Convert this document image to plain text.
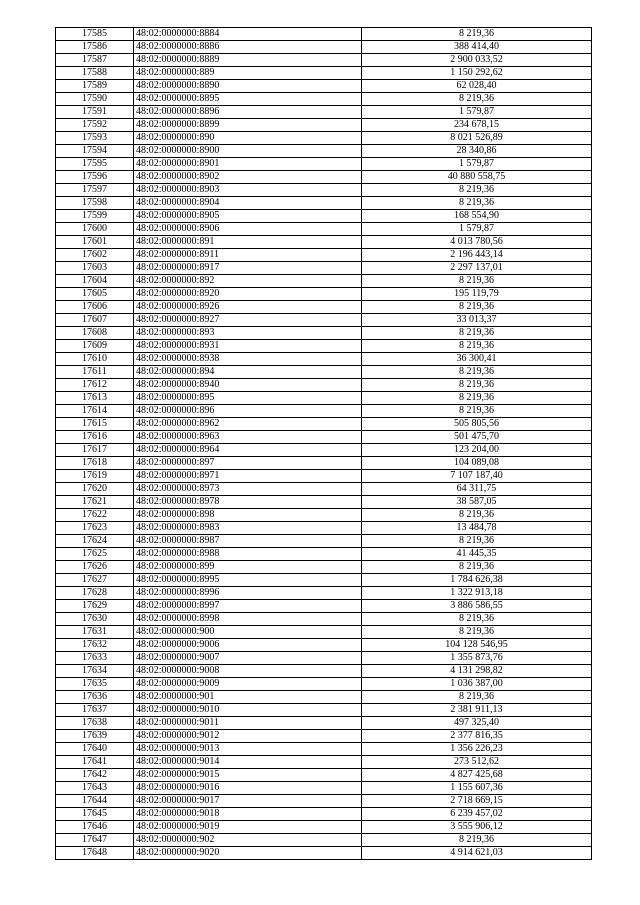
17585	48:02:0000000:8884	8 219,36
17586	48:02:0000000:8886	388 414,40
17587	48:02:0000000:8889	2 900 033,52
17588	48:02:0000000:889	1 150 292,62
17589	48:02:0000000:8890	62 028,40
17590	48:02:0000000:8895	8 219,36
17591	48:02:0000000:8896	1 579,87
17592	48:02:0000000:8899	234 678,15
17593	48:02:0000000:890	8 021 526,89
17594	48:02:0000000:8900	28 340,86
17595	48:02:0000000:8901	1 579,87
17596	48:02:0000000:8902	40 880 558,75
17597	48:02:0000000:8903	8 219,36
17598	48:02:0000000:8904	8 219,36
17599	48:02:0000000:8905	168 554,90
17600	48:02:0000000:8906	1 579,87
17601	48:02:0000000:891	4 013 780,56
17602	48:02:0000000:8911	2 196 443,14
17603	48:02:0000000:8917	2 297 137,01
17604	48:02:0000000:892	8 219,36
17605	48:02:0000000:8920	195 119,79
17606	48:02:0000000:8926	8 219,36
17607	48:02:0000000:8927	33 013,37
17608	48:02:0000000:893	8 219,36
17609	48:02:0000000:8931	8 219,36
17610	48:02:0000000:8938	36 300,41
17611	48:02:0000000:894	8 219,36
17612	48:02:0000000:8940	8 219,36
17613	48:02:0000000:895	8 219,36
17614	48:02:0000000:896	8 219,36
17615	48:02:0000000:8962	505 805,56
17616	48:02:0000000:8963	501 475,70
17617	48:02:0000000:8964	123 204,00
17618	48:02:0000000:897	104 089,08
17619	48:02:0000000:8971	7 107 187,40
17620	48:02:0000000:8973	64 311,75
17621	48:02:0000000:8978	38 587,05
17622	48:02:0000000:898	8 219,36
17623	48:02:0000000:8983	13 484,78
17624	48:02:0000000:8987	8 219,36
17625	48:02:0000000:8988	41 445,35
17626	48:02:0000000:899	8 219,36
17627	48:02:0000000:8995	1 784 626,38
17628	48:02:0000000:8996	1 322 913,18
17629	48:02:0000000:8997	3 886 586,55
17630	48:02:0000000:8998	8 219,36
17631	48:02:0000000:900	8 219,36
17632	48:02:0000000:9006	104 128 546,95
17633	48:02:0000000:9007	1 355 873,76
17634	48:02:0000000:9008	4 131 298,82
17635	48:02:0000000:9009	1 036 387,00
17636	48:02:0000000:901	8 219,36
17637	48:02:0000000:9010	2 381 911,13
17638	48:02:0000000:9011	497 325,40
17639	48:02:0000000:9012	2 377 816,35
17640	48:02:0000000:9013	1 356 226,23
17641	48:02:0000000:9014	273 512,62
17642	48:02:0000000:9015	4 827 425,68
17643	48:02:0000000:9016	1 155 607,36
17644	48:02:0000000:9017	2 718 669,15
17645	48:02:0000000:9018	6 239 457,02
17646	48:02:0000000:9019	3 555 906,12
17647	48:02:0000000:902	8 219,36
17648	48:02:0000000:9020	4 914 621,03
